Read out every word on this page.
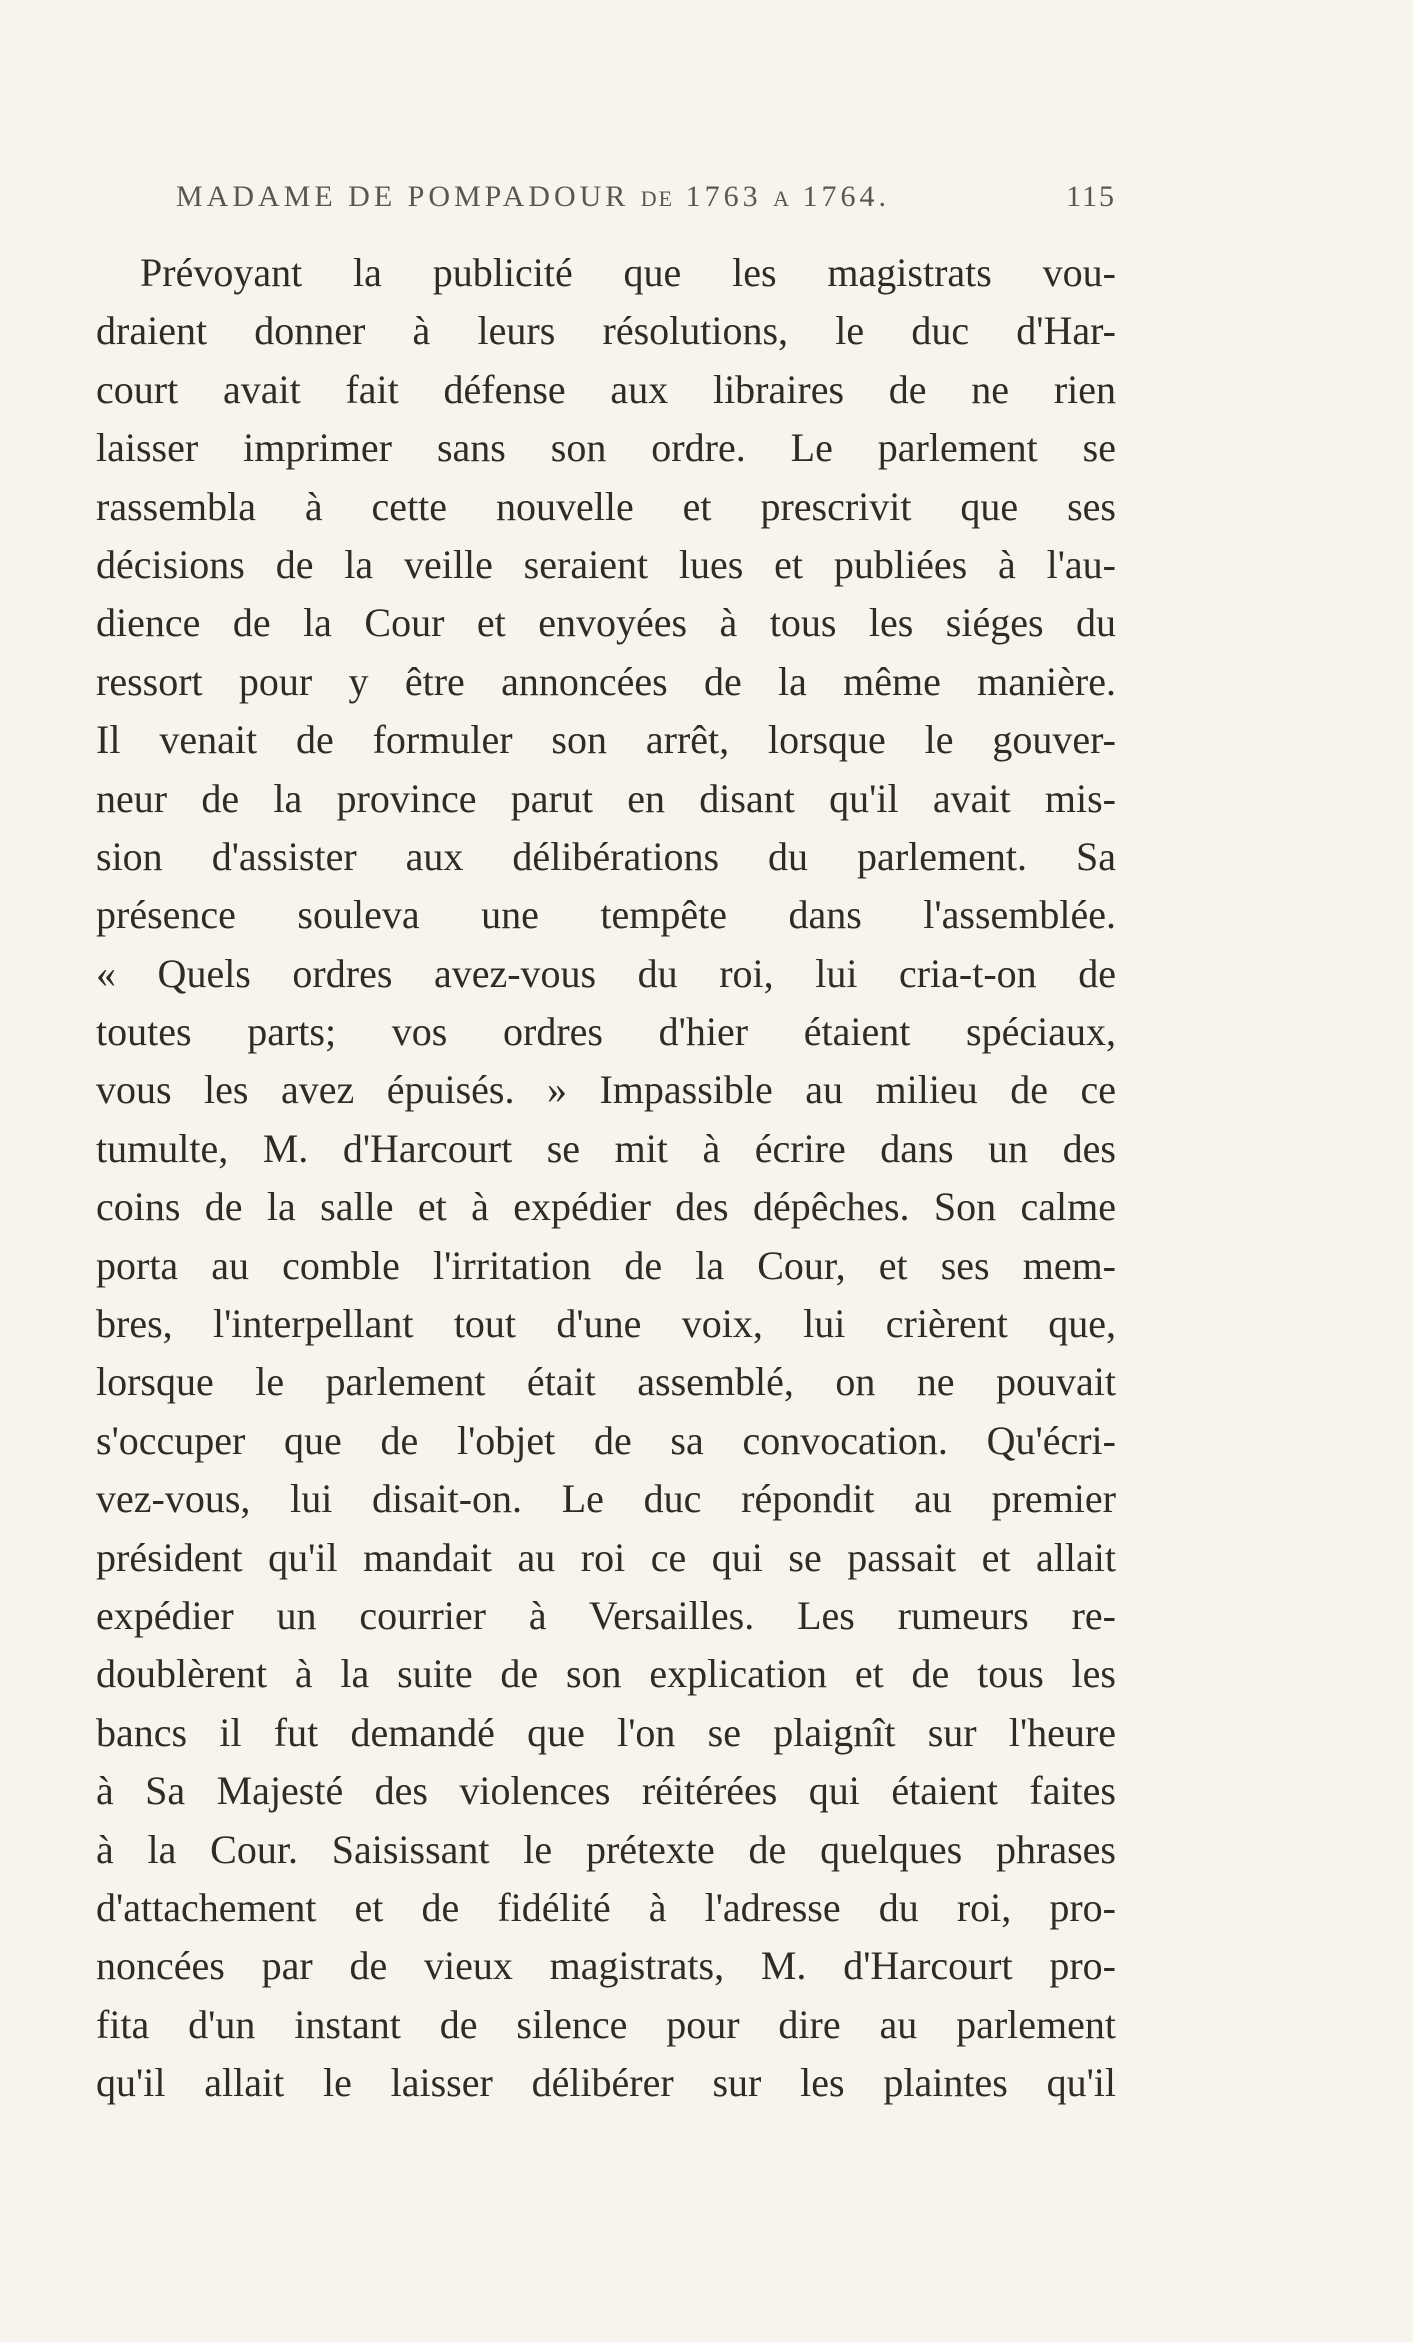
MADAME DE POMPADOUR DE 1763 A 1764.	115
Prévoyant la publicité que les magistrats vou-
draient donner à leurs résolutions, le duc d'Har-
court avait fait défense aux libraires de ne rien
laisser imprimer sans son ordre. Le parlement se
rassembla à cette nouvelle et prescrivit que ses
décisions de la veille seraient lues et publiées à l'au-
dience de la Cour et envoyées à tous les siéges du
ressort pour y être annoncées de la même manière.
Il venait de formuler son arrêt, lorsque le gouver-
neur de la province parut en disant qu'il avait mis-
sion d'assister aux délibérations du parlement. Sa
présence souleva une tempête dans l'assemblée.
« Quels ordres avez-vous du roi, lui cria-t-on de
toutes parts; vos ordres d'hier étaient spéciaux,
vous les avez épuisés. » Impassible au milieu de ce
tumulte, M. d'Harcourt se mit à écrire dans un des
coins de la salle et à expédier des dépêches. Son calme
porta au comble l'irritation de la Cour, et ses mem-
bres, l'interpellant tout d'une voix, lui crièrent que,
lorsque le parlement était assemblé, on ne pouvait
s'occuper que de l'objet de sa convocation. Qu'écri-
vez-vous, lui disait-on. Le duc répondit au premier
président qu'il mandait au roi ce qui se passait et allait
expédier un courrier à Versailles. Les rumeurs re-
doublèrent à la suite de son explication et de tous les
bancs il fut demandé que l'on se plaignît sur l'heure
à Sa Majesté des violences réitérées qui étaient faites
à la Cour. Saisissant le prétexte de quelques phrases
d'attachement et de fidélité à l'adresse du roi, pro-
noncées par de vieux magistrats, M. d'Harcourt pro-
fita d'un instant de silence pour dire au parlement
qu'il allait le laisser délibérer sur les plaintes qu'il
